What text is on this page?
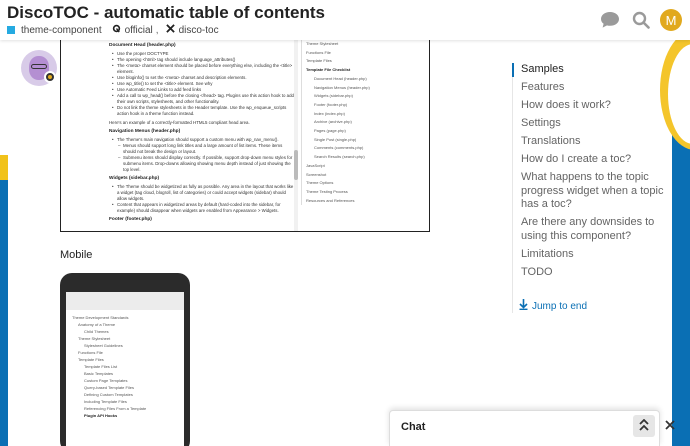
DiscoTOC - automatic table of contents
theme-component official , disco-toc
M
Document Head (header.php)
• Use the proper DOCTYPE
• The opening <html> tag should include language_attributes()
• The <meta> charset element should be placed before everything else, including the <title> element.
• Use bloginfo() to set the <meta> charset and description elements.
• Use wp_title() to set the <title> element. See why
• Use Automatic Feed Links to add feed links
• Add a call to wp_head() before the closing </head> tag. Plugins use this action hook to add their own scripts, stylesheets, and other functionality.
• Do not link the theme stylesheets in the Header template. Use the wp_enqueue_scripts action hook in a theme function instead.
Here's an example of a correctly-formatted HTML5 compliant head area.
Navigation Menus (header.php)
• The Theme's main navigation should support a custom menu with wp_nav_menu().
– Menus should support long link titles and a large amount of list items. These items should not break the design or layout.
– Submenu items should display correctly. If possible, support drop-down menu styles for submenu items. Drop-downs allowing showing menu depth instead of just showing the top level.
Widgets (sidebar.php)
• The Theme should be widgetized as fully as possible. Any area in the layout that works like a widget (tag cloud, blogroll, list of categories) or could accept widgets (sidebar) should allow widgets.
• Content that appears in widgetized areas by default (hard-coded into the sidebar, for example) should disappear when widgets are enabled from Appearance > Widgets.
Footer (footer.php)
Theme Stylesheet
Functions File
Template Files
Template File Checklist
Document Head (header.php)
Navigation Menus (header.php)
Widgets (sidebar.php)
Footer (footer.php)
Index (index.php)
Archive (archive.php)
Pages (page.php)
Single Post (single.php)
Comments (comments.php)
Search Results (search.php)
JavaScript
Screenshot
Theme Options
Theme Testing Process
Resources and References
Mobile
Theme Development Standards
Anatomy of a Theme
Child Themes
Theme Stylesheet
Stylesheet Guidelines
Functions File
Template Files
Template Files List
Basic Templates
Custom Page Templates
Query-based Template Files
Defining Custom Templates
Including Template Files
Referencing Files From a Template
Plugin API Hooks
Samples
Features
How does it work?
Settings
Translations
How do I create a toc?
What happens to the topic progress widget when a topic has a toc?
Are there any downsides to using this component?
Limitations
TODO
Jump to end
Chat
